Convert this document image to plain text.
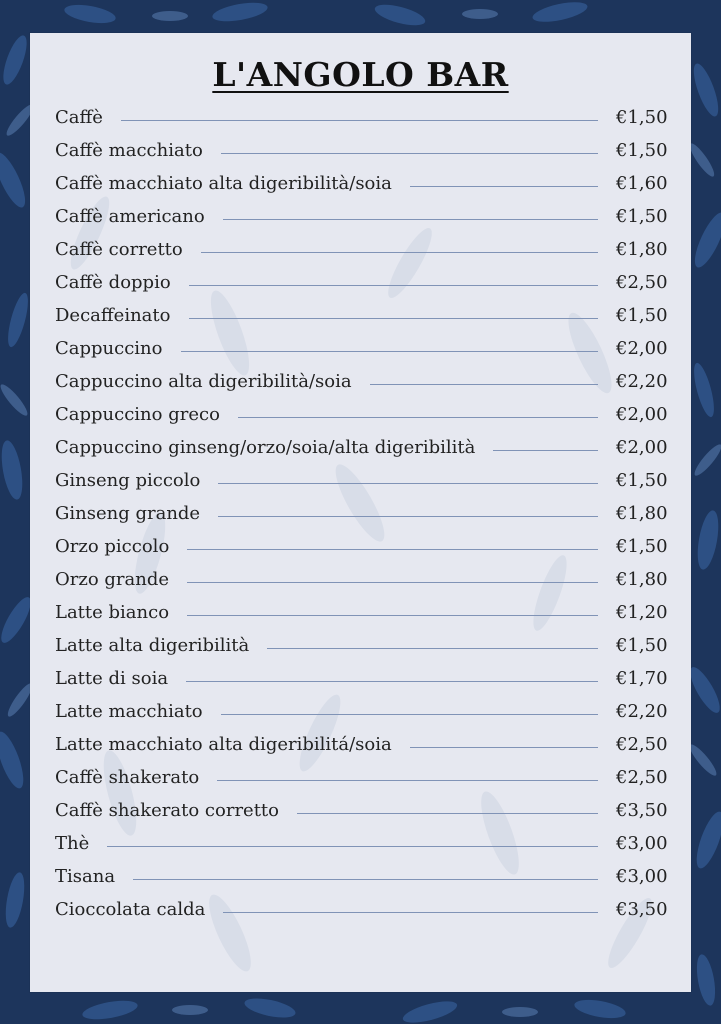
L'ANGOLO BAR
Caffè	€1,50
Caffè macchiato	€1,50
Caffè macchiato alta digeribilità/soia	€1,60
Caffè americano	€1,50
Caffè corretto	€1,80
Caffè doppio	€2,50
Decaffeinato	€1,50
Cappuccino	€2,00
Cappuccino alta digeribilità/soia	€2,20
Cappuccino greco	€2,00
Cappuccino ginseng/orzo/soia/alta digeribilità	€2,00
Ginseng piccolo	€1,50
Ginseng grande	€1,80
Orzo piccolo	€1,50
Orzo grande	€1,80
Latte bianco	€1,20
Latte alta digeribilità	€1,50
Latte di soia	€1,70
Latte macchiato	€2,20
Latte macchiato alta digeribilitá/soia	€2,50
Caffè shakerato	€2,50
Caffè shakerato corretto	€3,50
Thè	€3,00
Tisana	€3,00
Cioccolata calda	€3,50
